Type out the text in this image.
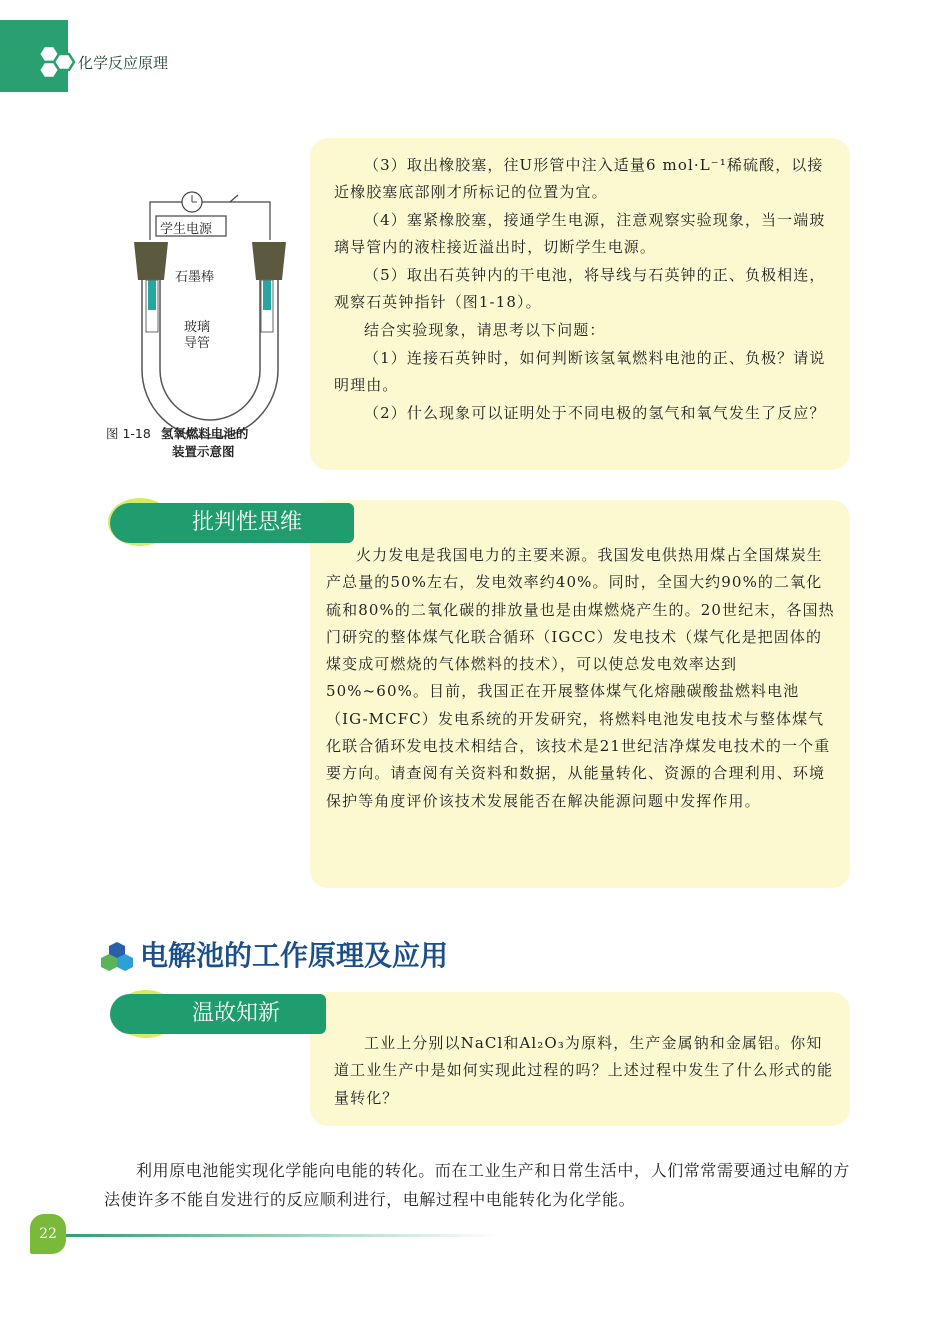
化学反应原理

（3）取出橡胶塞，往U形管中注入适量6 mol·L⁻¹稀硫酸，以接近橡胶塞底部刚才所标记的位置为宜。

（4）塞紧橡胶塞，接通学生电源，注意观察实验现象，当一端玻璃导管内的液柱接近溢出时，切断学生电源。

（5）取出石英钟内的干电池，将导线与石英钟的正、负极相连，观察石英钟指针（图1-18）。

结合实验现象，请思考以下问题：

（1）连接石英钟时，如何判断该氢氧燃料电池的正、负极？请说明理由。

（2）什么现象可以证明处于不同电极的氢气和氧气发生了反应？

学生电源
石墨棒
玻璃
导管
图 1-18 氢氧燃料电池的
装置示意图
批判性思维

火力发电是我国电力的主要来源。我国发电供热用煤占全国煤炭生产总量的50%左右，发电效率约40%。同时，全国大约90%的二氧化硫和80%的二氧化碳的排放量也是由煤燃烧产生的。20世纪末，各国热门研究的整体煤气化联合循环（IGCC）发电技术（煤气化是把固体的煤变成可燃烧的气体燃料的技术），可以使总发电效率达到50%~60%。目前，我国正在开展整体煤气化熔融碳酸盐燃料电池（IG-MCFC）发电系统的开发研究，将燃料电池发电技术与整体煤气化联合循环发电技术相结合，该技术是21世纪洁净煤发电技术的一个重要方向。请查阅有关资料和数据，从能量转化、资源的合理利用、环境保护等角度评价该技术发展能否在解决能源问题中发挥作用。

电解池的工作原理及应用
温故知新

工业上分别以NaCl和Al₂O₃为原料，生产金属钠和金属铝。你知道工业生产中是如何实现此过程的吗？上述过程中发生了什么形式的能量转化？

利用原电池能实现化学能向电能的转化。而在工业生产和日常生活中，人们常常需要通过电解的方法使许多不能自发进行的反应顺利进行，电解过程中电能转化为化学能。

22
